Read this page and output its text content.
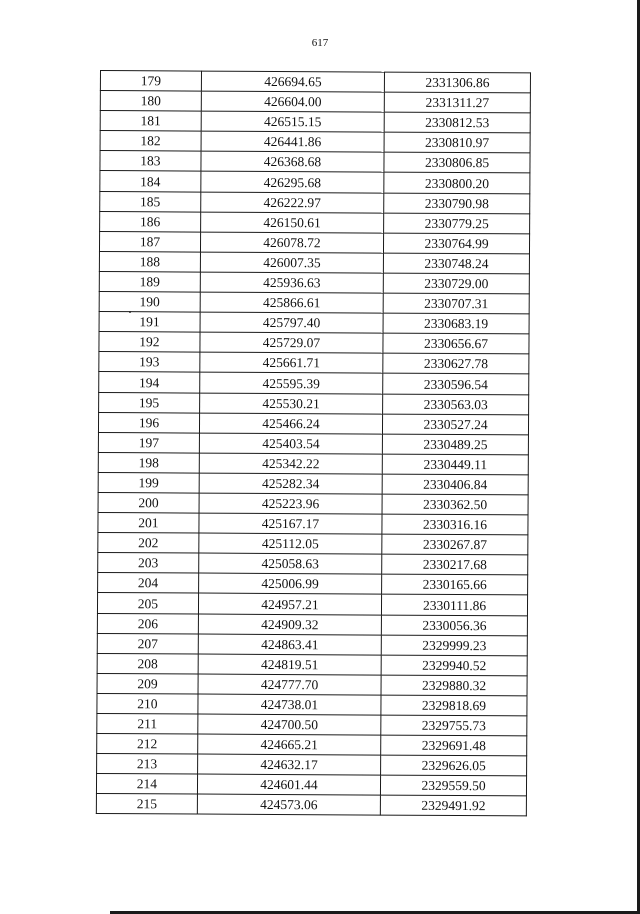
617
179	426694.65	2331306.86
180	426604.00	2331311.27
181	426515.15	2330812.53
182	426441.86	2330810.97
183	426368.68	2330806.85
184	426295.68	2330800.20
185	426222.97	2330790.98
186	426150.61	2330779.25
187	426078.72	2330764.99
188	426007.35	2330748.24
189	425936.63	2330729.00
190	425866.61	2330707.31
191	425797.40	2330683.19
192	425729.07	2330656.67
193	425661.71	2330627.78
194	425595.39	2330596.54
195	425530.21	2330563.03
196	425466.24	2330527.24
197	425403.54	2330489.25
198	425342.22	2330449.11
199	425282.34	2330406.84
200	425223.96	2330362.50
201	425167.17	2330316.16
202	425112.05	2330267.87
203	425058.63	2330217.68
204	425006.99	2330165.66
205	424957.21	2330111.86
206	424909.32	2330056.36
207	424863.41	2329999.23
208	424819.51	2329940.52
209	424777.70	2329880.32
210	424738.01	2329818.69
211	424700.50	2329755.73
212	424665.21	2329691.48
213	424632.17	2329626.05
214	424601.44	2329559.50
215	424573.06	2329491.92
